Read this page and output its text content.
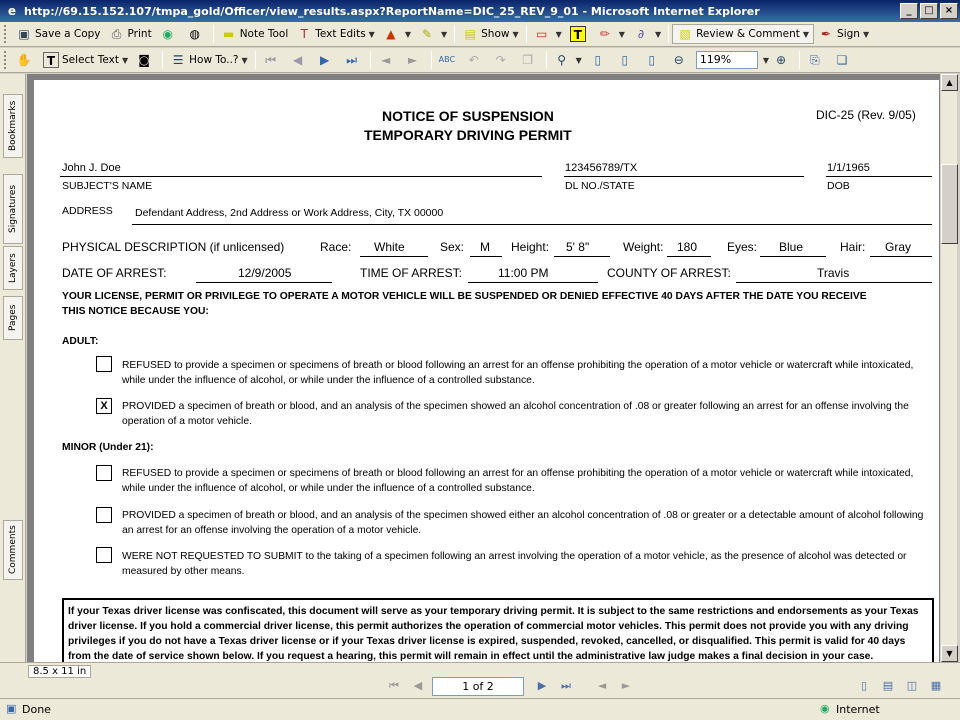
e http://69.15.152.107/tmpa_gold/Officer/view_results.aspx?ReportName=DIC_25_REV_9_01 - Microsoft Internet Explorer	_	□	×
▣ Save a Copy ⎙ Print ◉ ◍ ▬ Note Tool	T Text Edits ▼ ▲	▼ ✎	▼ ▤ Show ▼ ▭ ▼ T	✏	▼	∂	▼ ▧ Review & Comment ▼ ✒ Sign ▼
✋	T Select Text ▼ ◙ ☰ How To..? ▼ ⏮ ◀ ▶ ⏭ ◄ ►	ABC ↶ ↷ ❐ ⚲	▼	▯	▯	▯	⊖	119%	▼ ⊕ ⎘ ❏
Bookmarks
Signatures
Layers
Pages
Comments
NOTICE OF SUSPENSION
TEMPORARY DRIVING PERMIT
DIC-25 (Rev. 9/05)
John J. Doe
SUBJECT'S NAME
123456789/TX
DL NO./STATE
1/1/1965
DOB
ADDRESS Defendant Address, 2nd Address or Work Address, City, TX 00000
PHYSICAL DESCRIPTION (if unlicensed)	Race: White	Sex: M Height: 5' 8"	Weight: 180 Eyes: Blue	Hair: Gray
DATE OF ARREST:	12/9/2005	TIME OF ARREST:	11:00 PM	COUNTY OF ARREST:	Travis
YOUR LICENSE, PERMIT OR PRIVILEGE TO OPERATE A MOTOR VEHICLE WILL BE SUSPENDED OR DENIED EFFECTIVE 40 DAYS AFTER THE DATE YOU RECEIVE
THIS NOTICE BECAUSE YOU:
ADULT:
REFUSED to provide a specimen or specimens of breath or blood following an arrest for an offense prohibiting the operation of a motor vehicle or watercraft while intoxicated, while under the influence of alcohol, or while under the influence of a controlled substance.
X	PROVIDED a specimen of breath or blood, and an analysis of the specimen showed an alcohol concentration of .08 or greater following an arrest for an offense involving the operation of a motor vehicle.
MINOR (Under 21):
REFUSED to provide a specimen or specimens of breath or blood following an arrest for an offense prohibiting the operation of a motor vehicle or watercraft while intoxicated, while under the influence of alcohol, or while under the influence of a controlled substance.
PROVIDED a specimen of breath or blood, and an analysis of the specimen showed either an alcohol concentration of .08 or greater or a detectable amount of alcohol following an arrest for an offense involving the operation of a motor vehicle.
WERE NOT REQUESTED TO SUBMIT to the taking of a specimen following an arrest involving the operation of a motor vehicle, as the presence of alcohol was detected or measured by other means.
If your Texas driver license was confiscated, this document will serve as your temporary driving permit. It is subject to the same restrictions and endorsements as your Texas driver license. If you hold a commercial driver license, this permit authorizes the operation of commercial motor vehicles. This permit does not provide you with any driving privileges if you do not have a Texas driver license or if your Texas driver license is expired, suspended, revoked, cancelled, or disqualified. This permit is valid for 40 days from the date of service shown below. If you request a hearing, this permit will remain in effect until the administrative law judge makes a final decision in your case.
▲
▼
8.5 x 11 in
⏮	◀	1 of 2	▶	⏭	◄	►	▯	▤ ◫ ▦
▣ Done	◉ Internet
